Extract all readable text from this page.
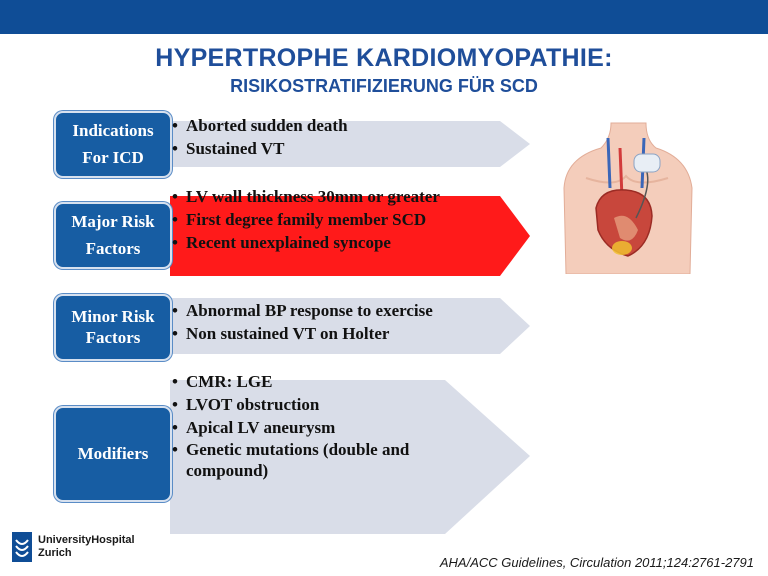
HYPERTROPHE KARDIOMYOPATHIE:
RISIKOSTRATIFIZIERUNG FÜR SCD
Indications
For ICD
• Aborted sudden death
• Sustained VT
Major Risk
Factors
• LV wall thickness 30mm or greater
• First degree family member SCD
• Recent unexplained syncope
Minor Risk
Factors
• Abnormal BP response to exercise
• Non sustained VT on Holter
Modifiers
• CMR: LGE
• LVOT obstruction
• Apical LV aneurysm
• Genetic mutations (double and compound)
UniversityHospital
Zurich
AHA/ACC Guidelines, Circulation 2011;124:2761-2791
